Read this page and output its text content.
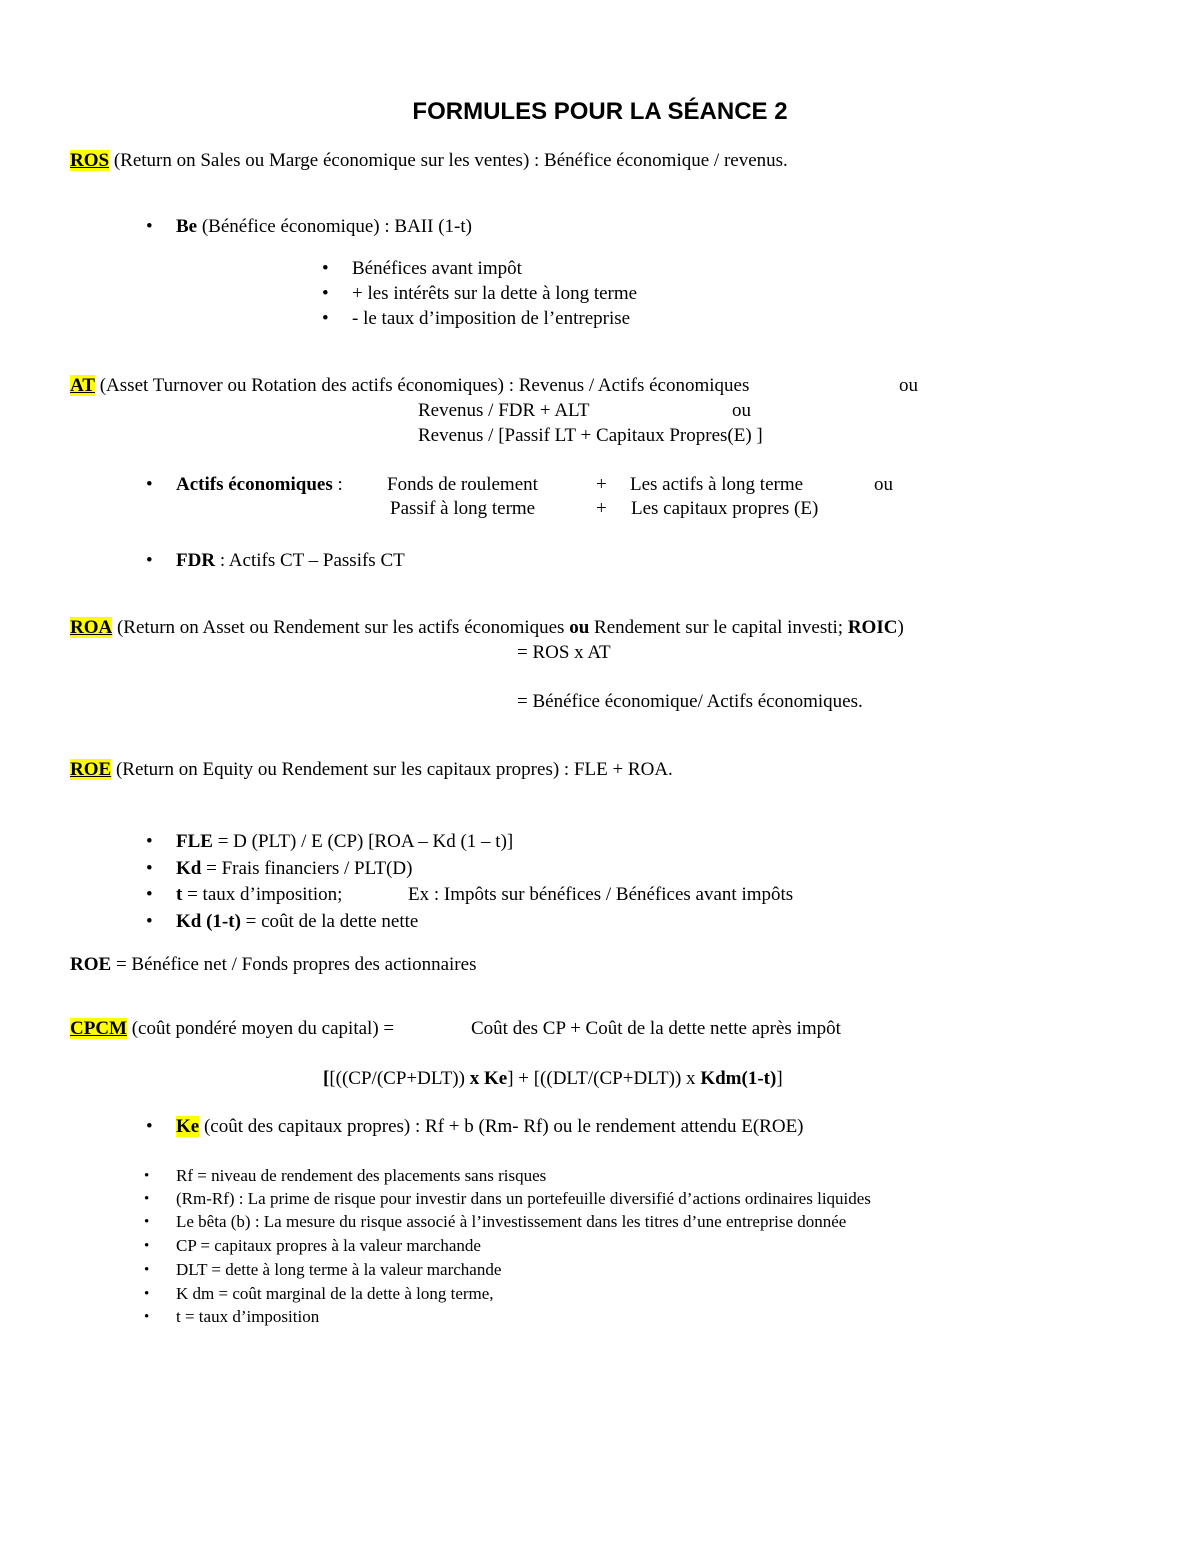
FORMULES POUR LA SÉANCE 2
ROS (Return on Sales ou Marge économique sur les ventes) : Bénéfice économique / revenus.
• Be (Bénéfice économique) : BAII (1-t)
• Bénéfices avant impôt
• + les intérêts sur la dette à long terme
• - le taux d’imposition de l’entreprise
AT (Asset Turnover ou Rotation des actifs économiques) : Revenus / Actifs économiques	ou
Revenus / FDR + ALT	ou
Revenus / [Passif LT + Capitaux Propres(E) ]
• Actifs économiques : Fonds de roulement	+ Les actifs à long terme	ou
Passif à long terme	+ Les capitaux propres (E)
• FDR : Actifs CT – Passifs CT
ROA (Return on Asset ou Rendement sur les actifs économiques ou Rendement sur le capital investi; ROIC)
= ROS x AT
= Bénéfice économique/ Actifs économiques.
ROE (Return on Equity ou Rendement sur les capitaux propres) : FLE + ROA.
• FLE = D (PLT) / E (CP) [ROA – Kd (1 – t)]
• Kd = Frais financiers / PLT(D)
• t = taux d’imposition;	Ex : Impôts sur bénéfices / Bénéfices avant impôts
• Kd (1-t) = coût de la dette nette
ROE = Bénéfice net / Fonds propres des actionnaires
CPCM (coût pondéré moyen du capital) =	Coût des CP + Coût de la dette nette après impôt
[[((CP/(CP+DLT)) x Ke] + [((DLT/(CP+DLT)) x Kdm(1-t)]
• Ke (coût des capitaux propres) : Rf + b (Rm- Rf) ou le rendement attendu E(ROE)
• Rf = niveau de rendement des placements sans risques
• (Rm-Rf) : La prime de risque pour investir dans un portefeuille diversifié d’actions ordinaires liquides
• Le bêta (b) : La mesure du risque associé à l’investissement dans les titres d’une entreprise donnée
• CP = capitaux propres à la valeur marchande
• DLT = dette à long terme à la valeur marchande
• K dm = coût marginal de la dette à long terme,
• t = taux d’imposition
